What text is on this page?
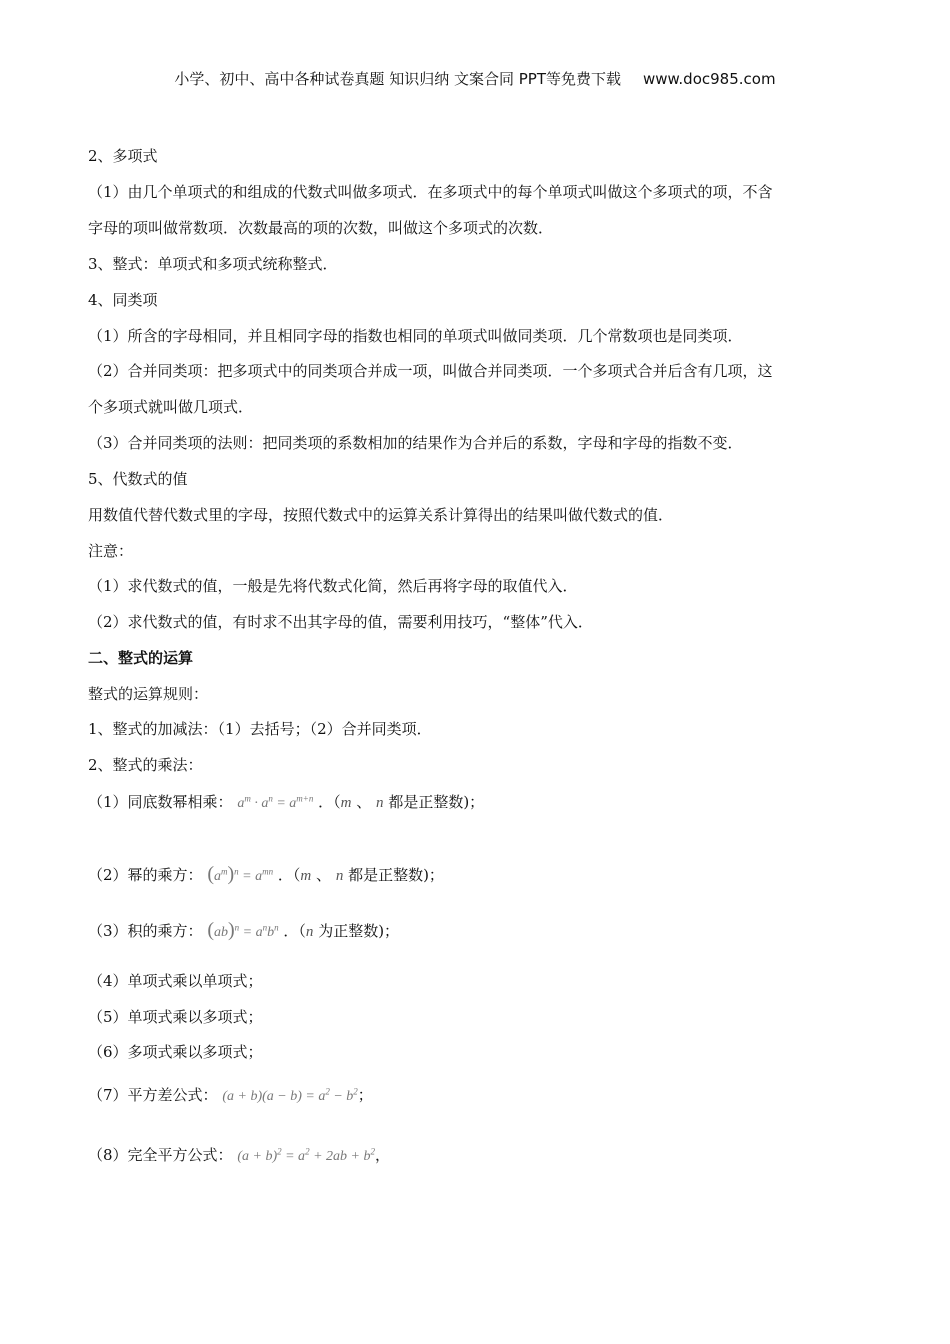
小学、初中、高中各种试卷真题 知识归纳 文案合同 PPT等免费下载 www.doc985.com
2、多项式
（1）由几个单项式的和组成的代数式叫做多项式．在多项式中的每个单项式叫做这个多项式的项，不含
字母的项叫做常数项．次数最高的项的次数，叫做这个多项式的次数．
3、整式：单项式和多项式统称整式．
4、同类项
（1）所含的字母相同，并且相同字母的指数也相同的单项式叫做同类项．几个常数项也是同类项．
（2）合并同类项：把多项式中的同类项合并成一项，叫做合并同类项．一个多项式合并后含有几项，这
个多项式就叫做几项式．
（3）合并同类项的法则：把同类项的系数相加的结果作为合并后的系数，字母和字母的指数不变．
5、代数式的值
用数值代替代数式里的字母，按照代数式中的运算关系计算得出的结果叫做代数式的值．
注意：
（1）求代数式的值，一般是先将代数式化简，然后再将字母的取值代入．
（2）求代数式的值，有时求不出其字母的值，需要利用技巧，“整体”代入．
二、整式的运算
整式的运算规则：
1、整式的加减法：（1）去括号；（2）合并同类项．
2、整式的乘法：
（1）同底数幂相乘： $a^m \cdot a^n = a^{m+n}$ ．（m 、 n 都是正整数)；
（2）幂的乘方： $(a^m)^n = a^{mn}$ ．（m 、 n 都是正整数)；
（3）积的乘方： $(ab)^n = a^nb^n$ ．（n 为正整数)；
（4）单项式乘以单项式；
（5）单项式乘以多项式；
（6）多项式乘以多项式；
（7）平方差公式： $(a + b)(a - b) = a^2 - b^2$；
（8）完全平方公式： $(a + b)^2 = a^2 + 2ab + b^2$，
